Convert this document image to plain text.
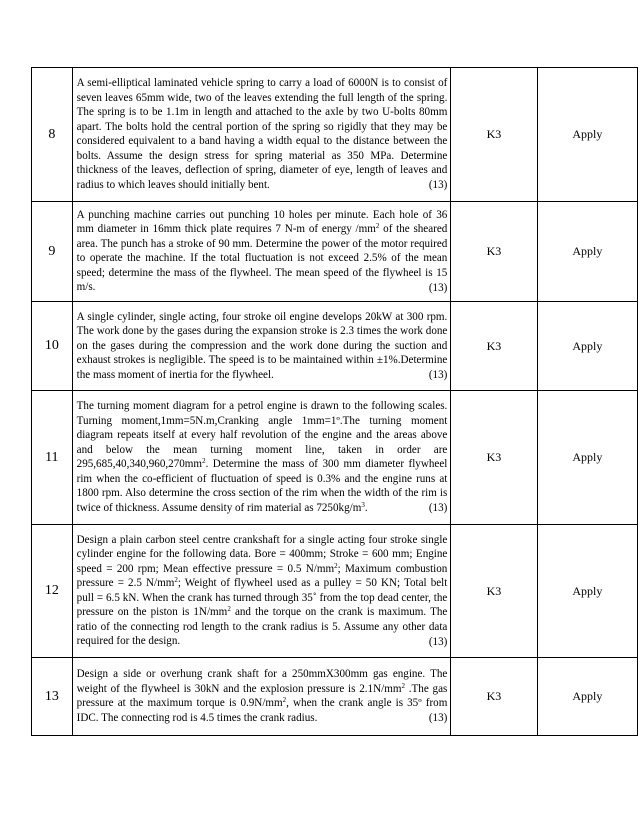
8	A semi-elliptical laminated vehicle spring to carry a load of 6000N is to consist of seven leaves 65mm wide, two of the leaves extending the full length of the spring. The spring is to be 1.1m in length and attached to the axle by two U-bolts 80mm apart. The bolts hold the central portion of the spring so rigidly that they may be considered equivalent to a band having a width equal to the distance between the bolts. Assume the design stress for spring material as 350 MPa. Determine thickness of the leaves, deflection of spring, diameter of eye, length of leaves and radius to which leaves should initially bent. (13)	K3	Apply
9	A punching machine carries out punching 10 holes per minute. Each hole of 36 mm diameter in 16mm thick plate requires 7 N-m of energy $/mm^2$ of the sheared area. The punch has a stroke of 90 mm. Determine the power of the motor required to operate the machine. If the total fluctuation is not exceed 2.5% of the mean speed; determine the mass of the flywheel. The mean speed of the flywheel is 15 m/s. (13)	K3	Apply
10	A single cylinder, single acting, four stroke oil engine develops 20kW at 300 rpm. The work done by the gases during the expansion stroke is 2.3 times the work done on the gases during the compression and the work done during the suction and exhaust strokes is negligible. The speed is to be maintained within ±1%.Determine the mass moment of inertia for the flywheel. (13)	K3	Apply
11	The turning moment diagram for a petrol engine is drawn to the following scales. Turning moment,1mm=5N.m,Cranking angle 1mm=1º.The turning moment diagram repeats itself at every half revolution of the engine and the areas above and below the mean turning moment line, taken in order are $295,685,40,340,960,270mm^2$. Determine the mass of 300 mm diameter flywheel rim when the co-efficient of fluctuation of speed is 0.3% and the engine runs at 1800 rpm. Also determine the cross section of the rim when the width of the rim is twice of thickness. Assume density of rim material as $7250kg/m^3$. (13)	K3	Apply
12	Design a plain carbon steel centre crankshaft for a single acting four stroke single cylinder engine for the following data. Bore = 400mm; Stroke = 600 mm; Engine speed = 200 rpm; Mean effective pressure = 0.5 $N/mm^2$; Maximum combustion pressure = 2.5 $N/mm^2$; Weight of flywheel used as a pulley = 50 KN; Total belt pull = 6.5 kN. When the crank has turned through 35˚ from the top dead center, the pressure on the piston is $1N/mm^2$ and the torque on the crank is maximum. The ratio of the connecting rod length to the crank radius is 5. Assume any other data required for the design. (13)	K3	Apply
13	Design a side or overhung crank shaft for a 250mmX300mm gas engine. The weight of the flywheel is 30kN and the explosion pressure is $2.1N/mm^2$ .The gas pressure at the maximum torque is $0.9N/mm^2$, when the crank angle is 35º from IDC. The connecting rod is 4.5 times the crank radius. (13)	K3	Apply
